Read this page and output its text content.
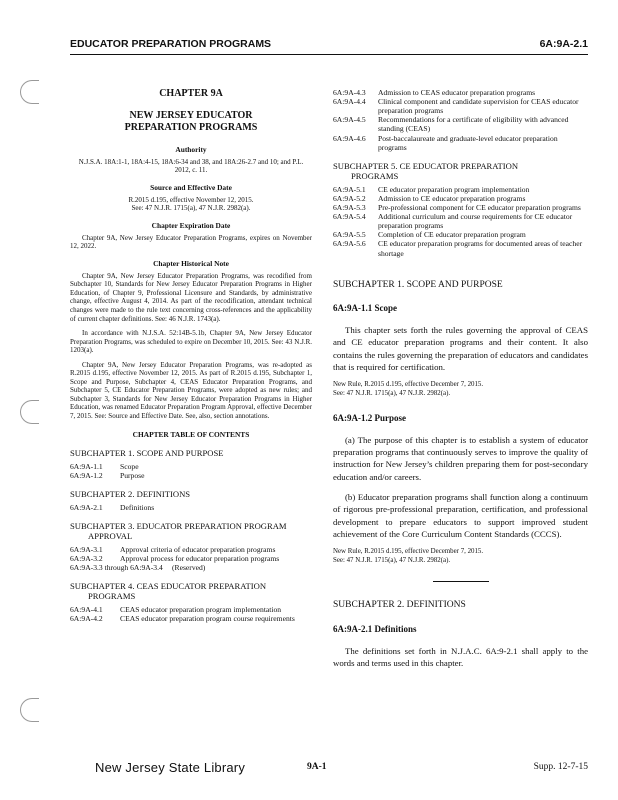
EDUCATOR PREPARATION PROGRAMS	6A:9A-2.1
CHAPTER 9A
NEW JERSEY EDUCATOR
PREPARATION PROGRAMS
Authority

N.J.S.A. 18A:1-1, 18A:4-15, 18A:6-34 and 38, and 18A:26-2.7 and 10; and P.L. 2012, c. 11.

Source and Effective Date
R.2015 d.195, effective November 12, 2015.

See: 47 N.J.R. 1715(a), 47 N.J.R. 2982(a).

Chapter Expiration Date

Chapter 9A, New Jersey Educator Preparation Programs, expires on November 12, 2022.

Chapter Historical Note

Chapter 9A, New Jersey Educator Preparation Programs, was recodified from Subchapter 10, Standards for New Jersey Educator Preparation Programs in Higher Education, of Chapter 9, Professional Licensure and Standards, by administrative change, effective August 4, 2014. As part of the recodification, attendant technical changes were made to the rule text concerning cross-references and the applicability of current chapter definitions. See: 46 N.J.R. 1743(a).

In accordance with N.J.S.A. 52:14B-5.1b, Chapter 9A, New Jersey Educator Preparation Programs, was scheduled to expire on December 10, 2015. See: 43 N.J.R. 1203(a).

Chapter 9A, New Jersey Educator Preparation Programs, was re-adopted as R.2015 d.195, effective November 12, 2015. As part of R.2015 d.195, Subchapter 1, Scope and Purpose, Subchapter 4, CEAS Educator Preparation Programs, and Subchapter 5, CE Educator Preparation Programs, were adopted as new rules; and Subchapter 3, Standards for New Jersey Educator Preparation Programs in Higher Education, was renamed Educator Preparation Program Approval, effective December 7, 2015. See: Source and Effective Date. See, also, section annotations.

CHAPTER TABLE OF CONTENTS
SUBCHAPTER 1. SCOPE AND PURPOSE
6A:9A-1.1	Scope
6A:9A-1.2	Purpose
SUBCHAPTER 2. DEFINITIONS
6A:9A-2.1	Definitions
SUBCHAPTER 3. EDUCATOR PREPARATION PROGRAM
APPROVAL
6A:9A-3.1	Approval criteria of educator preparation programs
6A:9A-3.2	Approval process for educator preparation programs
6A:9A-3.3 through 6A:9A-3.4	(Reserved)
SUBCHAPTER 4. CEAS EDUCATOR PREPARATION
PROGRAMS
6A:9A-4.1	CEAS educator preparation program implementation
6A:9A-4.2	CEAS educator preparation program course requirements
6A:9A-4.3	Admission to CEAS educator preparation programs
6A:9A-4.4	Clinical component and candidate supervision for CEAS educator preparation programs
6A:9A-4.5	Recommendations for a certificate of eligibility with advanced standing (CEAS)
6A:9A-4.6	Post-baccalaureate and graduate-level educator preparation programs
SUBCHAPTER 5. CE EDUCATOR PREPARATION
PROGRAMS
6A:9A-5.1	CE educator preparation program implementation
6A:9A-5.2	Admission to CE educator preparation programs
6A:9A-5.3	Pre-professional component for CE educator preparation programs
6A:9A-5.4	Additional curriculum and course requirements for CE educator preparation programs
6A:9A-5.5	Completion of CE educator preparation program
6A:9A-5.6	CE educator preparation programs for documented areas of teacher shortage
SUBCHAPTER 1. SCOPE AND PURPOSE
6A:9A-1.1 Scope

This chapter sets forth the rules governing the approval of CEAS and CE educator preparation programs and their content. It also contains the rules governing the preparation of educators and candidates that is required for certification.

New Rule, R.2015 d.195, effective December 7, 2015.
See: 47 N.J.R. 1715(a), 47 N.J.R. 2982(a).
6A:9A-1.2 Purpose

(a) The purpose of this chapter is to establish a system of educator preparation programs that continuously serves to improve the quality of instruction for New Jersey’s children preparing them for post-secondary education and/or careers.

(b) Educator preparation programs shall function along a continuum of rigorous pre-professional preparation, certification, and professional development to prepare educators to support improved student achievement of the Core Curriculum Content Standards (CCCS).

New Rule, R.2015 d.195, effective December 7, 2015.
See: 47 N.J.R. 1715(a), 47 N.J.R. 2982(a).
SUBCHAPTER 2. DEFINITIONS
6A:9A-2.1 Definitions

The definitions set forth in N.J.A.C. 6A:9-2.1 shall apply to the words and terms used in this chapter.

New Jersey State Library	9A-1	Supp. 12-7-15
